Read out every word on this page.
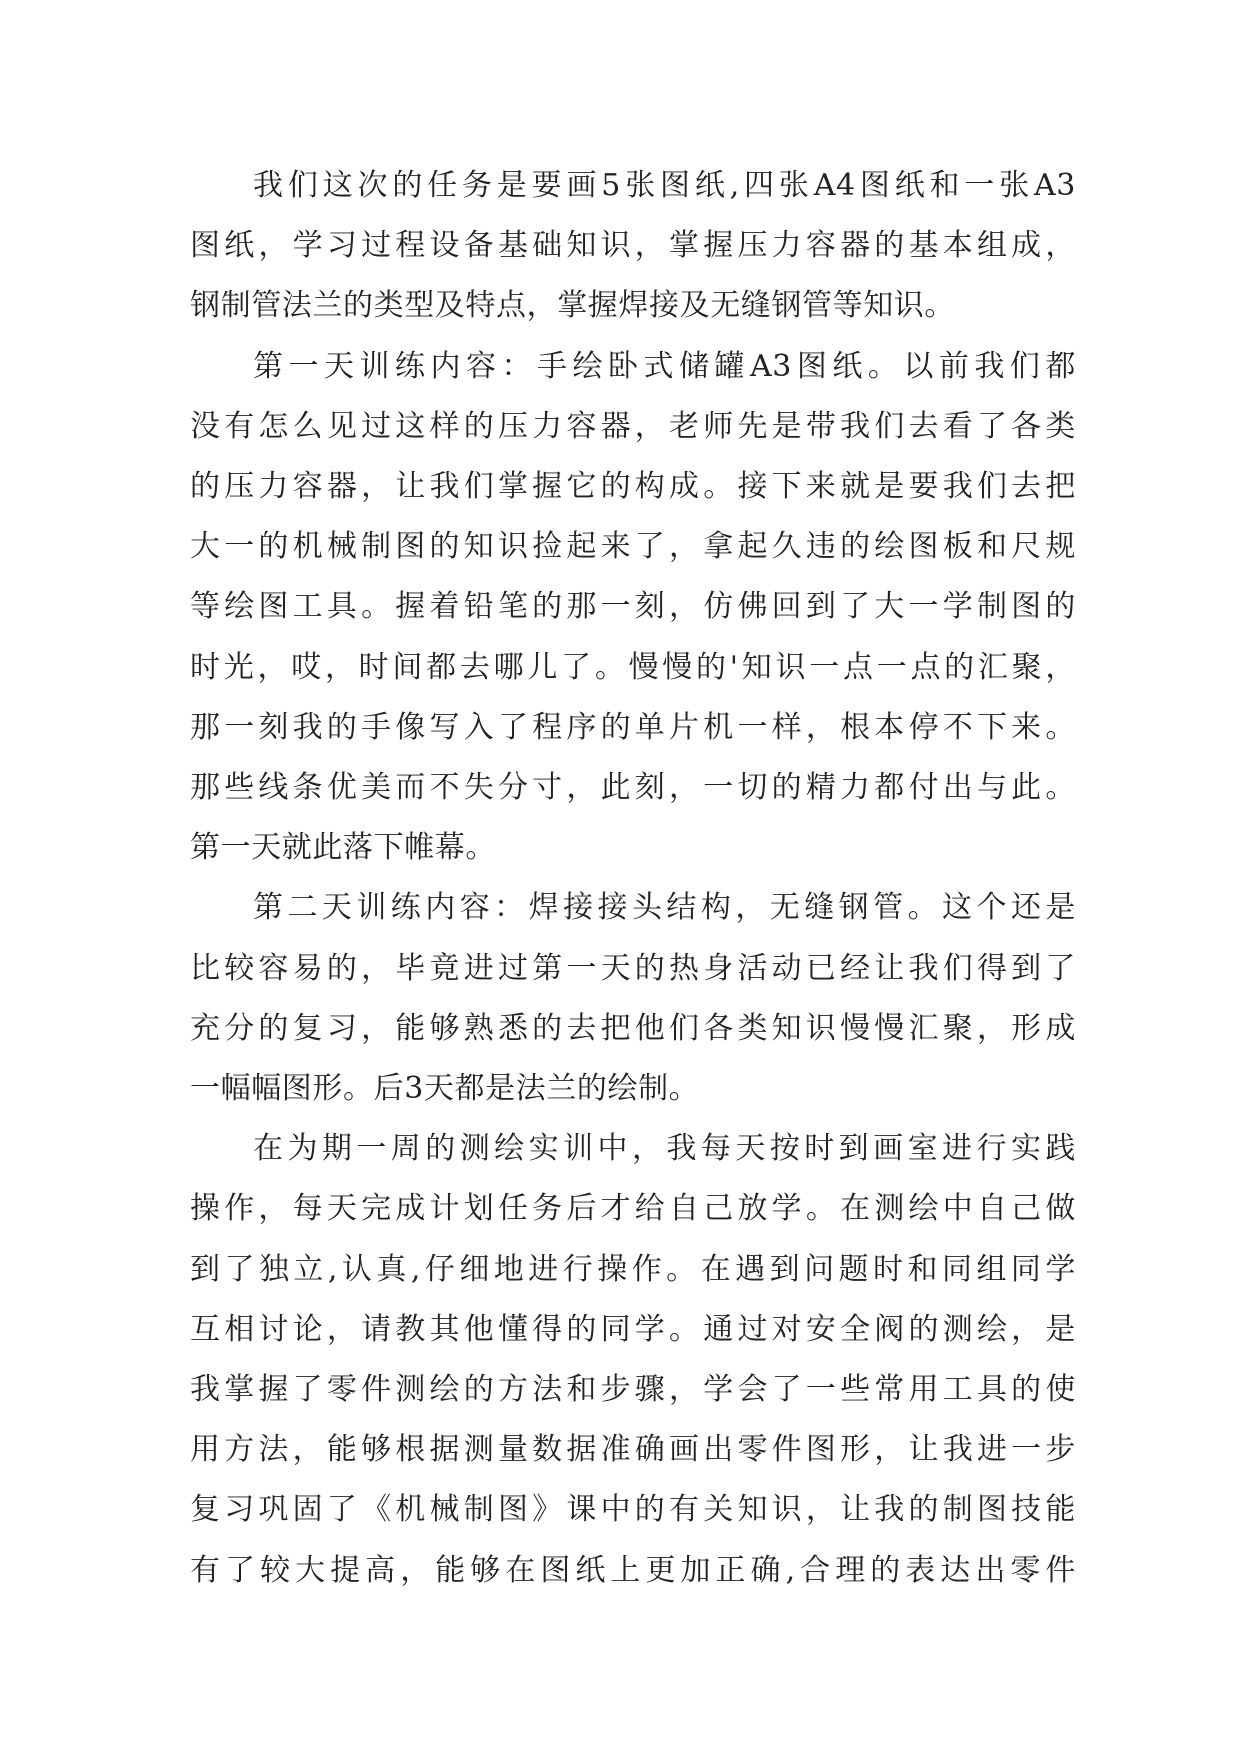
我们这次的任务是要画5张图纸,四张A4图纸和一张A3
图纸，学习过程设备基础知识，掌握压力容器的基本组成，
钢制管法兰的类型及特点，掌握焊接及无缝钢管等知识。
第一天训练内容：手绘卧式储罐A3图纸。以前我们都
没有怎么见过这样的压力容器，老师先是带我们去看了各类
的压力容器，让我们掌握它的构成。接下来就是要我们去把
大一的机械制图的知识捡起来了，拿起久违的绘图板和尺规
等绘图工具。握着铅笔的那一刻，仿佛回到了大一学制图的
时光，哎，时间都去哪儿了。慢慢的'知识一点一点的汇聚，
那一刻我的手像写入了程序的单片机一样，根本停不下来。
那些线条优美而不失分寸，此刻，一切的精力都付出与此。
第一天就此落下帷幕。
第二天训练内容：焊接接头结构，无缝钢管。这个还是
比较容易的，毕竟进过第一天的热身活动已经让我们得到了
充分的复习，能够熟悉的去把他们各类知识慢慢汇聚，形成
一幅幅图形。后3天都是法兰的绘制。
在为期一周的测绘实训中，我每天按时到画室进行实践
操作，每天完成计划任务后才给自己放学。在测绘中自己做
到了独立,认真,仔细地进行操作。在遇到问题时和同组同学
互相讨论，请教其他懂得的同学。通过对安全阀的测绘，是
我掌握了零件测绘的方法和步骤，学会了一些常用工具的使
用方法，能够根据测量数据准确画出零件图形，让我进一步
复习巩固了《机械制图》课中的有关知识，让我的制图技能
有了较大提高，能够在图纸上更加正确,合理的表达出零件
